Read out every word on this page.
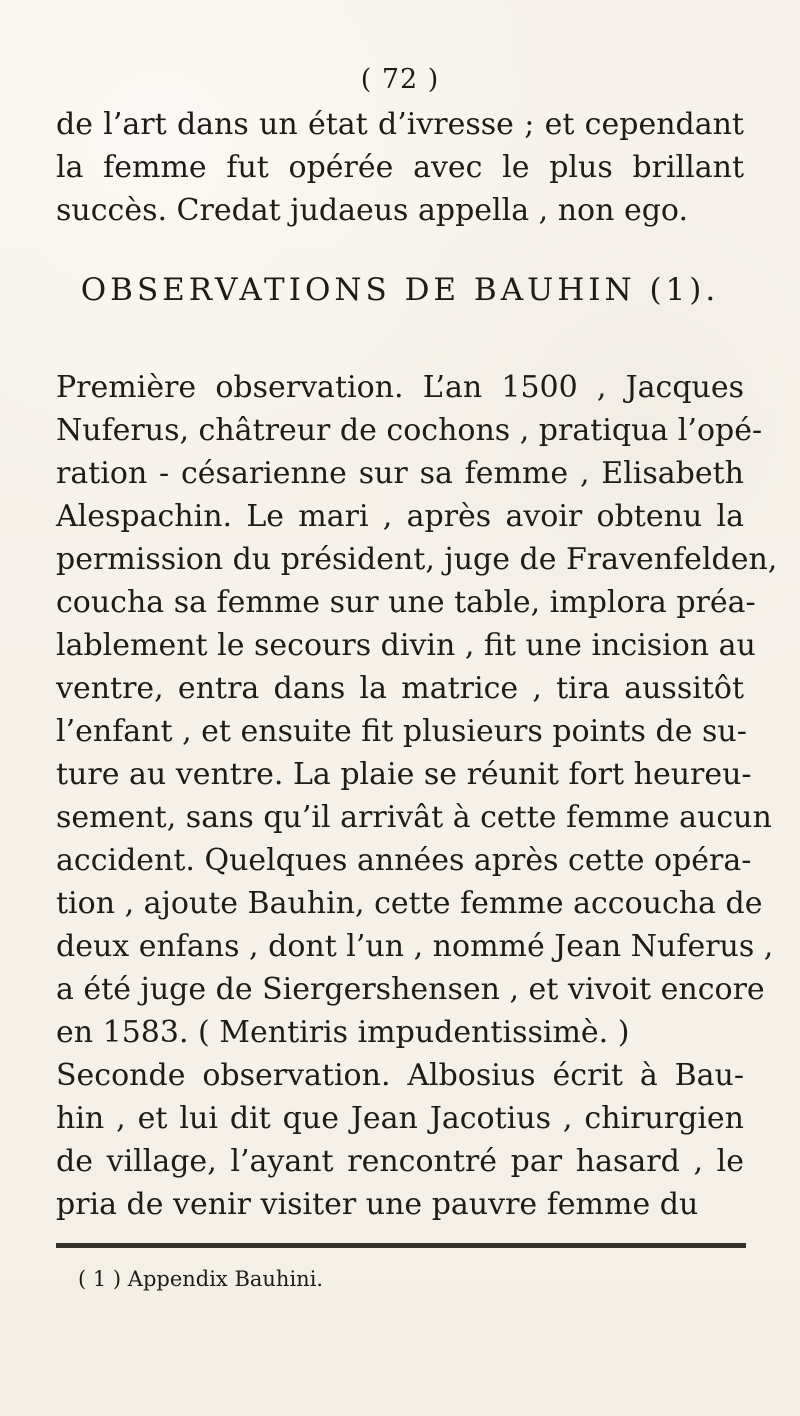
( 72 )
de l’art dans un état d’ivresse ; et cependant
la femme fut opérée avec le plus brillant
succès. Credat judaeus appella , non ego.
OBSERVATIONS DE BAUHIN (1).
Première observation. L’an 1500 , Jacques
Nuferus, châtreur de cochons , pratiqua l’opé-
ration - césarienne sur sa femme , Elisabeth
Alespachin. Le mari , après avoir obtenu la
permission du président, juge de Fravenfelden,
coucha sa femme sur une table, implora préa-
lablement le secours divin , fit une incision au
ventre, entra dans la matrice , tira aussitôt
l’enfant , et ensuite fit plusieurs points de su-
ture au ventre. La plaie se réunit fort heureu-
sement, sans qu’il arrivât à cette femme aucun
accident. Quelques années après cette opéra-
tion , ajoute Bauhin, cette femme accoucha de
deux enfans , dont l’un , nommé Jean Nuferus ,
a été juge de Siergershensen , et vivoit encore
en 1583. ( Mentiris impudentissimè. )
Seconde observation. Albosius écrit à Bau-
hin , et lui dit que Jean Jacotius , chirurgien
de village, l’ayant rencontré par hasard , le
pria de venir visiter une pauvre femme du
( 1 ) Appendix Bauhini.
